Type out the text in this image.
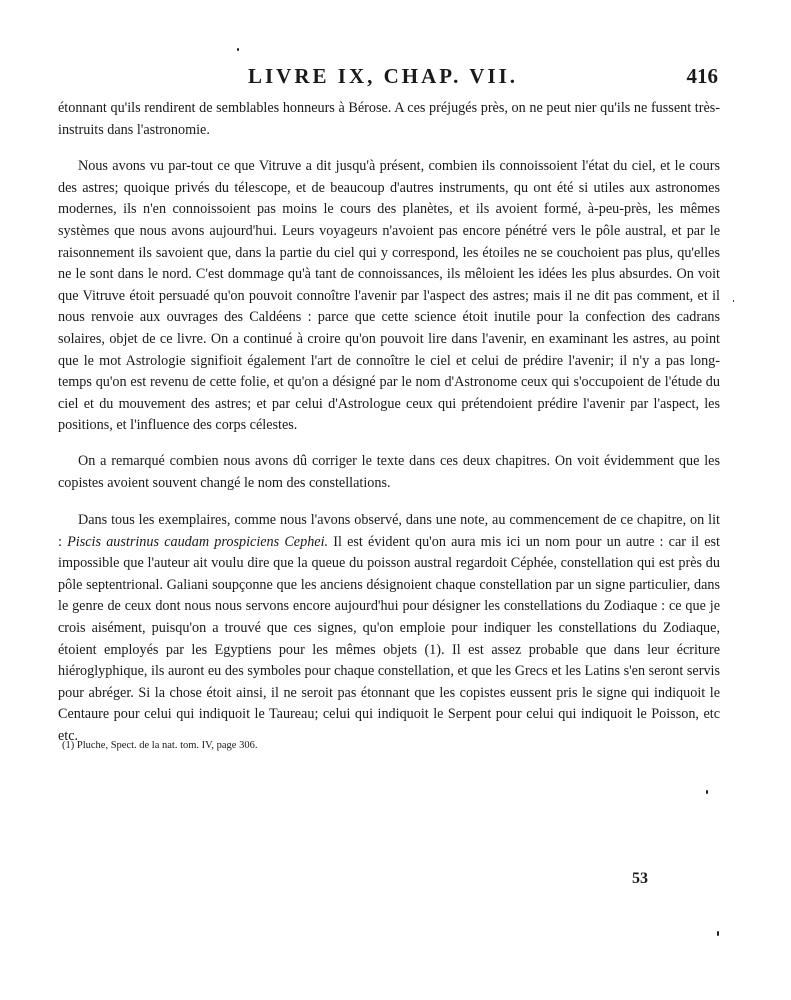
LIVRE IX, CHAP. VII.	416

étonnant qu'ils rendirent de semblables honneurs à Bérose. A ces préjugés près, on ne peut nier qu'ils ne fussent très-instruits dans l'astronomie.

Nous avons vu par-tout ce que Vitruve a dit jusqu'à présent, combien ils connoissoient l'état du ciel, et le cours des astres; quoique privés du télescope, et de beaucoup d'autres instruments, qu ont été si utiles aux astronomes modernes, ils n'en connoissoient pas moins le cours des planètes, et ils avoient formé, à-peu-près, les mêmes systèmes que nous avons aujourd'hui. Leurs voyageurs n'avoient pas encore pénétré vers le pôle austral, et par le raisonnement ils savoient que, dans la partie du ciel qui y correspond, les étoiles ne se couchoient pas plus, qu'elles ne le sont dans le nord. C'est dommage qu'à tant de connoissances, ils mêloient les idées les plus absurdes. On voit que Vitruve étoit persuadé qu'on pouvoit connoître l'avenir par l'aspect des astres; mais il ne dit pas comment, et il nous renvoie aux ouvrages des Caldéens : parce que cette science étoit inutile pour la confection des cadrans solaires, objet de ce livre. On a continué à croire qu'on pouvoit lire dans l'avenir, en examinant les astres, au point que le mot Astrologie signifioit également l'art de connoître le ciel et celui de prédire l'avenir; il n'y a pas long-temps qu'on est revenu de cette folie, et qu'on a désigné par le nom d'Astronome ceux qui s'occupoient de l'étude du ciel et du mouvement des astres; et par celui d'Astrologue ceux qui prétendoient prédire l'avenir par l'aspect, les positions, et l'influence des corps célestes.

On a remarqué combien nous avons dû corriger le texte dans ces deux chapitres. On voit évidemment que les copistes avoient souvent changé le nom des constellations.

Dans tous les exemplaires, comme nous l'avons observé, dans une note, au commencement de ce chapitre, on lit : Piscis austrinus caudam prospiciens Cephei. Il est évident qu'on aura mis ici un nom pour un autre : car il est impossible que l'auteur ait voulu dire que la queue du poisson austral regardoit Céphée, constellation qui est près du pôle septentrional. Galiani soupçonne que les anciens désignoient chaque constellation par un signe particulier, dans le genre de ceux dont nous nous servons encore aujourd'hui pour désigner les constellations du Zodiaque : ce que je crois aisément, puisqu'on a trouvé que ces signes, qu'on emploie pour indiquer les constellations du Zodiaque, étoient employés par les Egyptiens pour les mêmes objets (1). Il est assez probable que dans leur écriture hiéroglyphique, ils auront eu des symboles pour chaque constellation, et que les Grecs et les Latins s'en seront servis pour abréger. Si la chose étoit ainsi, il ne seroit pas étonnant que les copistes eussent pris le signe qui indiquoit le Centaure pour celui qui indiquoit le Taureau; celui qui indiquoit le Serpent pour celui qui indiquoit le Poisson, etc etc.

(1) Pluche, Spect. de la nat. tom. IV, page 306.
53
